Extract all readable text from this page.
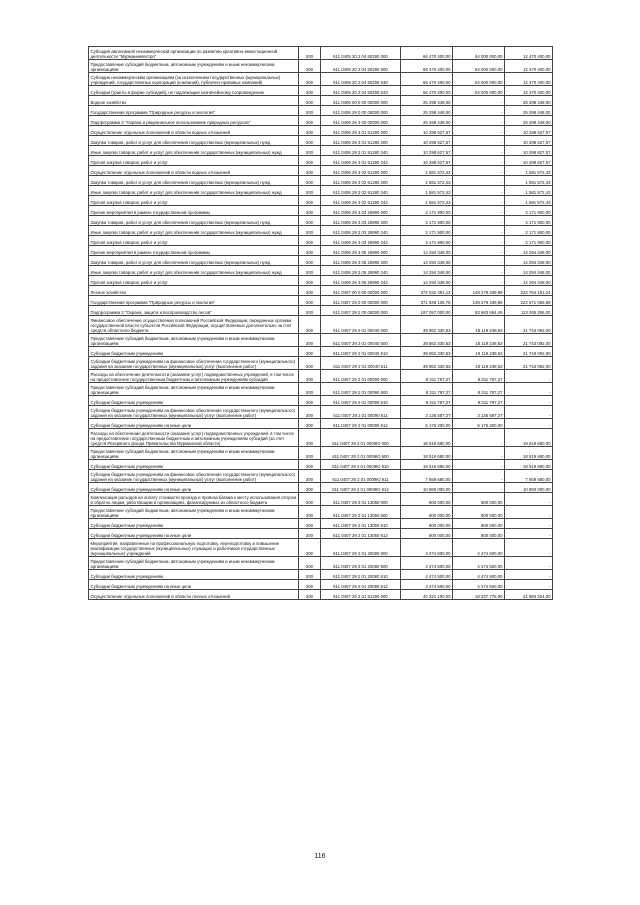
Субсидия автономной некоммерческой организации по развитию креативно-инвестиционной деятельности "Мурманинвестро"	200	611 0405 20 2 04 60290 000	66 470 400,00	54 000 000,00	12 470 400,00
Предоставление субсидий бюджетным, автономным учреждениям и иным некоммерческим организациям	200	611 0405 20 2 04 60290 600	66 470 400,00	54 000 000,00	12 470 400,00
Субсидии некоммерческим организациям (за исключением государственных (муниципальных) учреждений, государственных корпораций (компаний), публично-правовых компаний)	200	611 0405 20 2 04 60290 630	66 470 400,00	54 000 000,00	12 470 400,00
Субсидии (гранты в форме субсидий), не подлежащие казначейскому сопровождению	200	611 0405 20 2 04 60290 633	66 470 400,00	54 000 000,00	12 470 400,00
Водное хозяйство	200	611 0406 00 0 00 00000 000	25 298 448,00	-	25 298 448,00
Государственная программа "Природные ресурсы и экология"	200	611 0406 29 0 00 00000 000	25 298 448,00	-	25 298 448,00
Подпрограмма 3 "Охрана и рациональное использование природных ресурсов"	200	611 0406 29 3 00 00000 000	25 298 448,00	-	25 298 448,00
Осуществление отдельных полномочий в области водных отношений	200	611 0406 29 3 01 51280 000	10 298 627,57	-	10 298 627,57
Закупка товаров, работ и услуг для обеспечения государственных (муниципальных) нужд	200	611 0406 29 3 01 51280 200	10 298 627,57	-	10 298 627,57
Иные закупки товаров, работ и услуг для обеспечения государственных (муниципальных) нужд	200	611 0406 29 3 01 51280 240	10 298 627,57	-	10 298 627,57
Прочая закупка товаров, работ и услуг	200	611 0406 29 3 01 51280 244	10 298 627,57	-	10 298 627,57
Осуществление отдельных полномочий в области водных отношений	200	611 0406 29 3 02 51280 000	1 581 572,43	-	1 581 572,43
Закупка товаров, работ и услуг для обеспечения государственных (муниципальных) нужд	200	611 0406 29 3 02 51280 200	1 581 572,43	-	1 581 572,43
Иные закупки товаров, работ и услуг для обеспечения государственных (муниципальных) нужд	200	611 0406 29 3 02 51280 240	1 581 572,43	-	1 581 572,43
Прочая закупка товаров, работ и услуг	200	611 0406 29 3 02 51280 244	1 581 572,43	-	1 581 572,43
Прочие мероприятия в рамках государственной программы	200	611 0406 29 3 03 29990 000	2 171 900,00	-	2 171 900,00
Закупка товаров, работ и услуг для обеспечения государственных (муниципальных) нужд	200	611 0406 29 3 03 29990 200	2 171 900,00	-	2 171 900,00
Иные закупки товаров, работ и услуг для обеспечения государственных (муниципальных) нужд	200	611 0406 29 3 03 29990 240	2 171 900,00	-	2 171 900,00
Прочая закупка товаров, работ и услуг	200	611 0406 29 3 03 29990 244	2 171 900,00	-	2 171 900,00
Прочие мероприятия в рамках государственной программы	200	611 0406 29 3 05 29990 000	14 294 348,00	-	14 294 348,00
Закупка товаров, работ и услуг для обеспечения государственных (муниципальных) нужд	200	611 0406 29 3 05 29990 200	14 294 348,00	-	14 294 348,00
Иные закупки товаров, работ и услуг для обеспечения государственных (муниципальных) нужд	200	611 0406 29 3 05 29990 240	14 294 348,00	-	14 294 348,00
Прочая закупка товаров, работ и услуг	200	611 0406 29 3 05 29990 244	14 294 348,00	-	14 294 348,00
Лесное хозяйство	200	611 0407 00 0 00 00000 000	372 032 491,13	149 278 339,89	222 754 151,24
Государственная программа "Природные ресурсы и экология"	200	611 0407 29 0 00 00000 000	371 849 105,78	149 278 339,89	222 571 065,89
Подпрограмма 2 "Охрана, защита и воспроизводство лесов"	200	611 0407 29 2 00 00000 000	197 057 000,00	83 683 654,49	113 265 256,00
Финансовое обеспечение осуществления полномочий Российской Федерации, переданных органам государственной власти субъектов Российской Федерации, осуществляемых дополнительно за счет средств областного бюджета	200	611 0407 29 2 01 00040 000	39 862 330,53	18 119 238,53	21 743 092,00
Предоставление субсидий бюджетным, автономным учреждениям и иным некоммерческим организациям	200	611 0407 29 2 01 00040 600	39 862 330,53	18 119 238,53	21 743 092,00
Субсидии бюджетным учреждениям	200	611 0407 29 2 01 00040 610	39 862 330,53	18 119 238,53	21 743 092,00
Субсидии бюджетным учреждениям на финансовое обеспечение государственного (муниципального) задания на оказание государственных (муниципальных) услуг (выполнение работ)	200	611 0407 29 2 01 00040 611	39 862 330,53	18 119 238,53	21 743 092,00
Расходы на обеспечение деятельности (оказание услуг) подведомственных учреждений, в том числе на предоставление государственным бюджетным и автономным учреждениям субсидий	200	611 0407 29 2 01 00090 000	8 311 787,27	8 311 787,27	-
Предоставление субсидий бюджетным, автономным учреждениям и иным некоммерческим организациям	200	611 0407 29 2 01 00090 600	8 311 787,27	8 311 787,27	-
Субсидии бюджетным учреждениям	200	611 0407 29 2 01 00090 610	8 311 787,27	8 311 787,27	-
Субсидии бюджетным учреждениям на финансовое обеспечение государственного (муниципального) задания на оказание государственных (муниципальных) услуг (выполнение работ)	200	611 0407 29 2 01 00090 611	3 135 587,27	3 135 587,27	-
Субсидии бюджетным учреждениям на иные цели	200	611 0407 29 2 01 00090 612	5 176 200,00	5 176 200,00	-
Расходы на обеспечение деятельности (оказание услуг) подведомственных учреждений, в том числе на предоставление государственным бюджетным и автономным учреждениям субсидий (за счет средств Резервного фонда Правительства Мурманской области)	200	611 0407 29 2 01 0009Ю 000	18 519 680,00	-	18 519 680,00
Предоставление субсидий бюджетным, автономным учреждениям и иным некоммерческим организациям	200	611 0407 29 2 01 0009Ю 600	18 519 680,00	-	18 519 680,00
Субсидии бюджетным учреждениям	200	611 0407 29 2 01 0009Ю 610	18 519 680,00	-	18 519 680,00
Субсидии бюджетным учреждениям на финансовое обеспечение государственного (муниципального) задания на оказание государственных (муниципальных) услуг (выполнение работ)	200	611 0407 29 2 01 0009Ю 611	7 659 680,00	-	7 659 680,00
Субсидии бюджетным учреждениям на иные цели	200	611 0407 29 2 01 0009Ю 612	10 860 000,00	-	10 860 000,00
Компенсация расходов на оплату стоимости проезда и провоза багажа к месту использования отпуска и обратно лицам, работающим в организациях, финансируемых из областного бюджета	200	611 0407 29 2 01 13050 000	800 000,00	800 000,00	-
Предоставление субсидий бюджетным, автономным учреждениям и иным некоммерческим организациям	200	611 0407 29 2 01 13050 600	800 000,00	800 000,00	-
Субсидии бюджетным учреждениям	200	611 0407 29 2 01 13050 610	800 000,00	800 000,00	-
Субсидии бюджетным учреждениям на иные цели	200	611 0407 29 2 01 13050 612	800 000,00	800 000,00	-
Мероприятия, направленные на профессиональную подготовку, переподготовку и повышение квалификации государственных (муниципальных) служащих и работников государственных (муниципальных) учреждений	200	611 0407 29 2 01 20080 000	4 474 500,00	4 474 500,00	-
Предоставление субсидий бюджетным, автономным учреждениям и иным некоммерческим организациям	200	611 0407 29 2 01 20080 600	4 474 500,00	4 474 500,00	-
Субсидии бюджетным учреждениям	200	611 0407 29 2 01 20080 610	4 474 500,00	4 474 500,00	-
Субсидии бюджетным учреждениям на иные цели	200	611 0407 29 2 01 20080 612	4 474 500,00	4 474 500,00	-
Осуществление отдельных полномочий в области лесных отношений	200	611 0407 29 2 01 51290 000	40 321 100,00	18 337 775,90	21 983 324,00
116
